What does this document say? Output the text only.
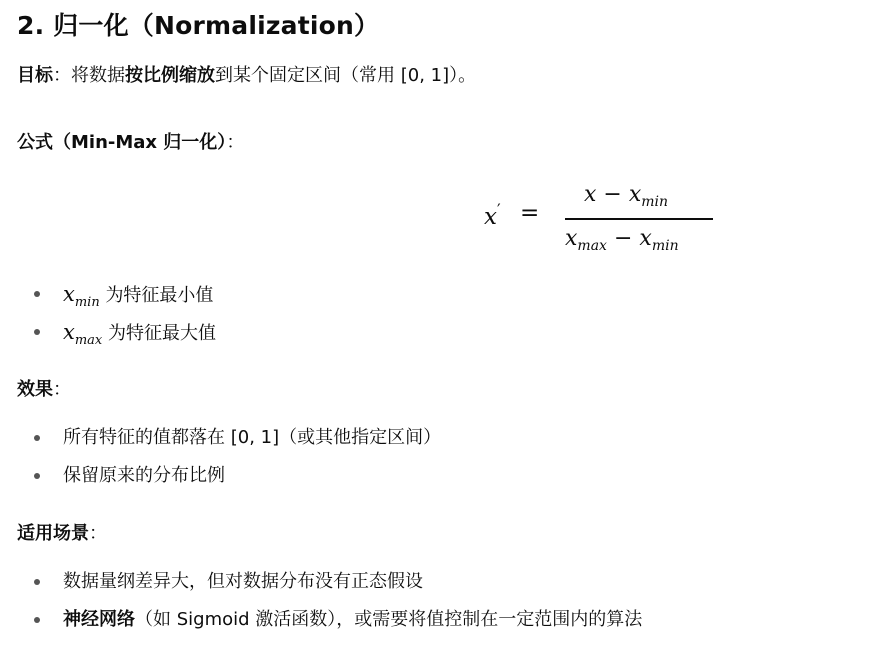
2. 归一化（Normalization）
目标：将数据按比例缩放到某个固定区间（常用 [0, 1]）。
公式（Min-Max 归一化）：
x′ =
$x - x_{min}$
$x_{max} - x_{min}$
$x_{min}$ 为特征最小值
$x_{max}$ 为特征最大值
效果：
所有特征的值都落在 [0, 1]（或其他指定区间）
保留原来的分布比例
适用场景：
数据量纲差异大，但对数据分布没有正态假设
神经网络（如 Sigmoid 激活函数），或需要将值控制在一定范围内的算法
